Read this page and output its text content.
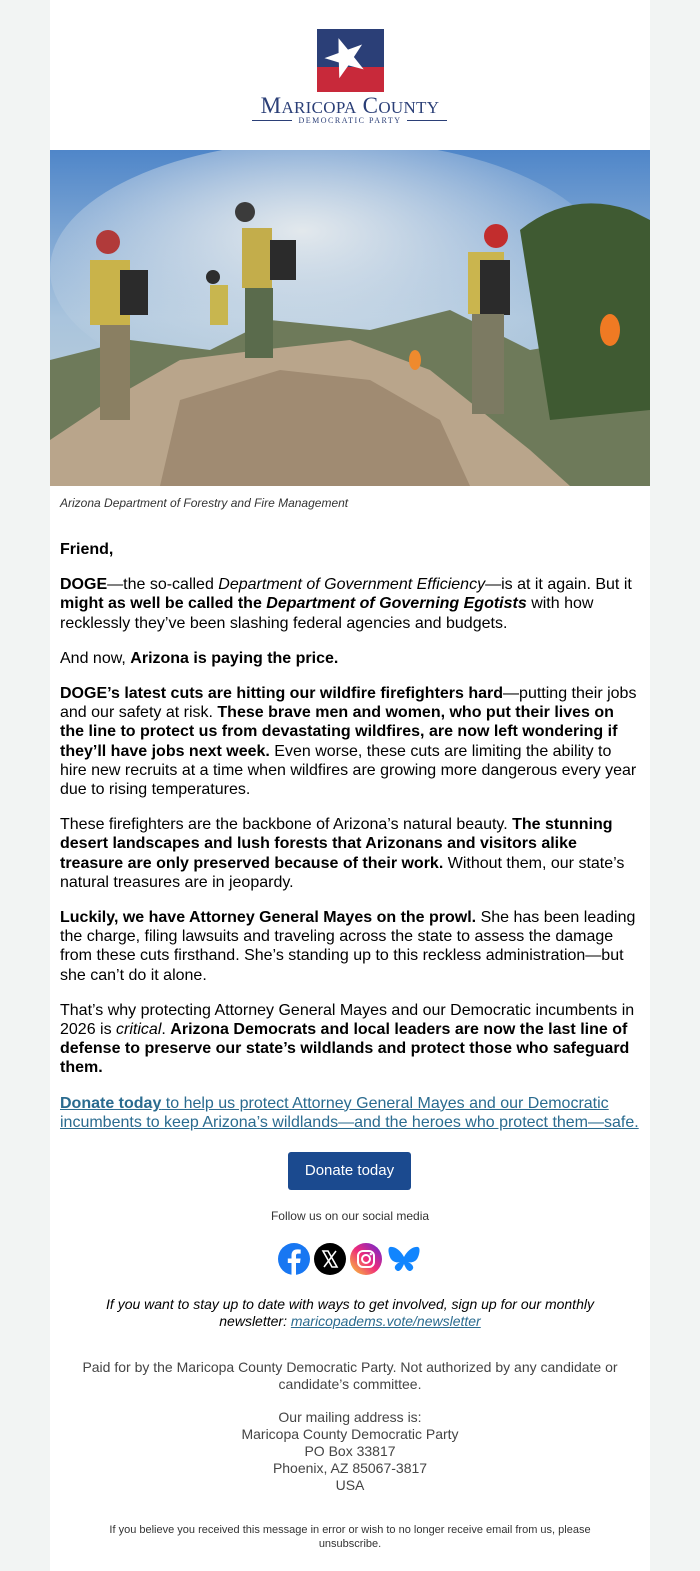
MARICOPA COUNTY
DEMOCRATIC PARTY
Arizona Department of Forestry and Fire Management

Friend,

DOGE—the so-called Department of Government Efficiency—is at it again. But it might as well be called the Department of Governing Egotists with how recklessly they’ve been slashing federal agencies and budgets.

And now, Arizona is paying the price.

DOGE’s latest cuts are hitting our wildfire firefighters hard—putting their jobs and our safety at risk. These brave men and women, who put their lives on the line to protect us from devastating wildfires, are now left wondering if they’ll have jobs next week. Even worse, these cuts are limiting the ability to hire new recruits at a time when wildfires are growing more dangerous every year due to rising temperatures.

These firefighters are the backbone of Arizona’s natural beauty. The stunning desert landscapes and lush forests that Arizonans and visitors alike treasure are only preserved because of their work. Without them, our state’s natural treasures are in jeopardy.

Luckily, we have Attorney General Mayes on the prowl. She has been leading the charge, filing lawsuits and traveling across the state to assess the damage from these cuts firsthand. She’s standing up to this reckless administration—but she can’t do it alone.

That’s why protecting Attorney General Mayes and our Democratic incumbents in 2026 is critical. Arizona Democrats and local leaders are now the last line of defense to preserve our state’s wildlands and protect those who safeguard them.

Donate today to help us protect Attorney General Mayes and our Democratic incumbents to keep Arizona’s wildlands—and the heroes who protect them—safe.

Donate today
Follow us on our social media
If you want to stay up to date with ways to get involved, sign up for our monthly newsletter: maricopadems.vote/newsletter
Paid for by the Maricopa County Democratic Party. Not authorized by any candidate or candidate’s committee.
Our mailing address is:
Maricopa County Democratic Party
PO Box 33817
Phoenix, AZ 85067-3817
USA
If you believe you received this message in error or wish to no longer receive email from us, please unsubscribe.
